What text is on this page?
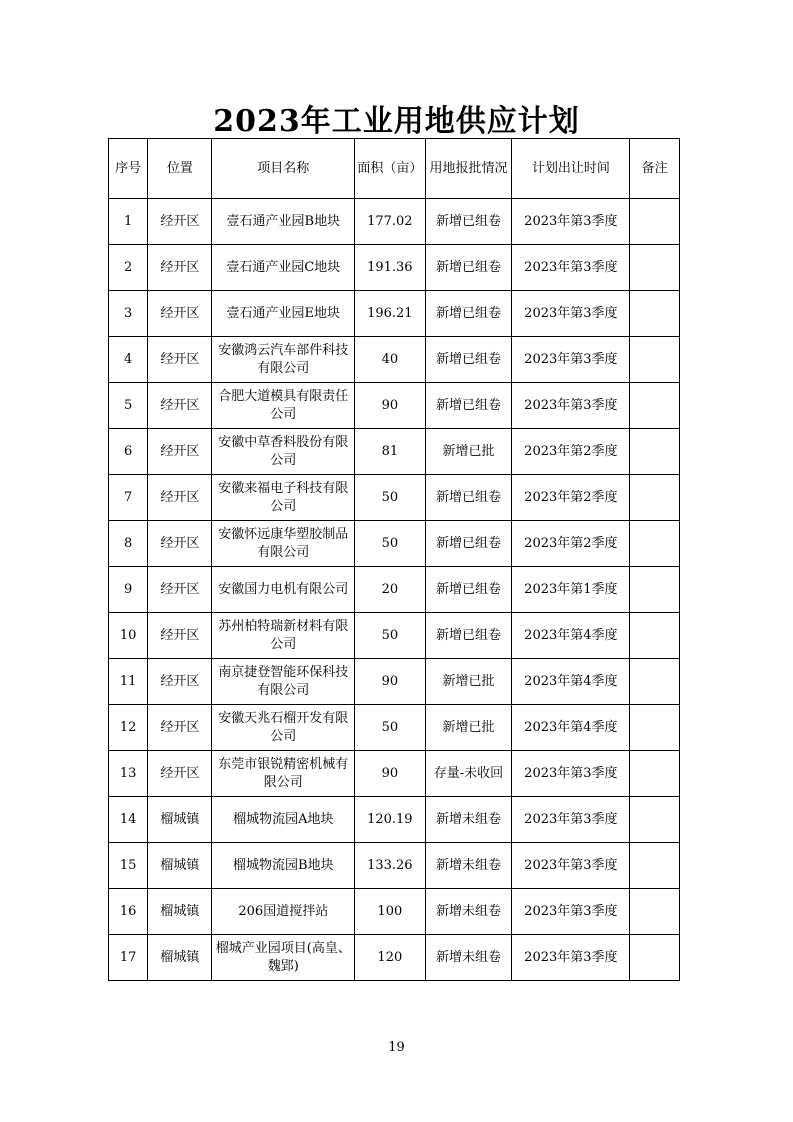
2023年工业用地供应计划
序号	位置	项目名称	面积（亩）	用地报批情况	计划出让时间	备注
1	经开区	壹石通产业园B地块	177.02	新增已组卷	2023年第3季度	
2	经开区	壹石通产业园C地块	191.36	新增已组卷	2023年第3季度	
3	经开区	壹石通产业园E地块	196.21	新增已组卷	2023年第3季度	
4	经开区	安徽鸿云汽车部件科技有限公司	40	新增已组卷	2023年第3季度	
5	经开区	合肥大道模具有限责任公司	90	新增已组卷	2023年第3季度	
6	经开区	安徽中草香料股份有限公司	81	新增已批	2023年第2季度	
7	经开区	安徽来福电子科技有限公司	50	新增已组卷	2023年第2季度	
8	经开区	安徽怀远康华塑胶制品有限公司	50	新增已组卷	2023年第2季度	
9	经开区	安徽国力电机有限公司	20	新增已组卷	2023年第1季度	
10	经开区	苏州柏特瑞新材料有限公司	50	新增已组卷	2023年第4季度	
11	经开区	南京捷登智能环保科技有限公司	90	新增已批	2023年第4季度	
12	经开区	安徽天兆石榴开发有限公司	50	新增已批	2023年第4季度	
13	经开区	东莞市银锐精密机械有限公司	90	存量-未收回	2023年第3季度	
14	榴城镇	榴城物流园A地块	120.19	新增未组卷	2023年第3季度	
15	榴城镇	榴城物流园B地块	133.26	新增未组卷	2023年第3季度	
16	榴城镇	206国道搅拌站	100	新增未组卷	2023年第3季度	
17	榴城镇	榴城产业园项目(高皇、魏郢)	120	新增未组卷	2023年第3季度	
19
